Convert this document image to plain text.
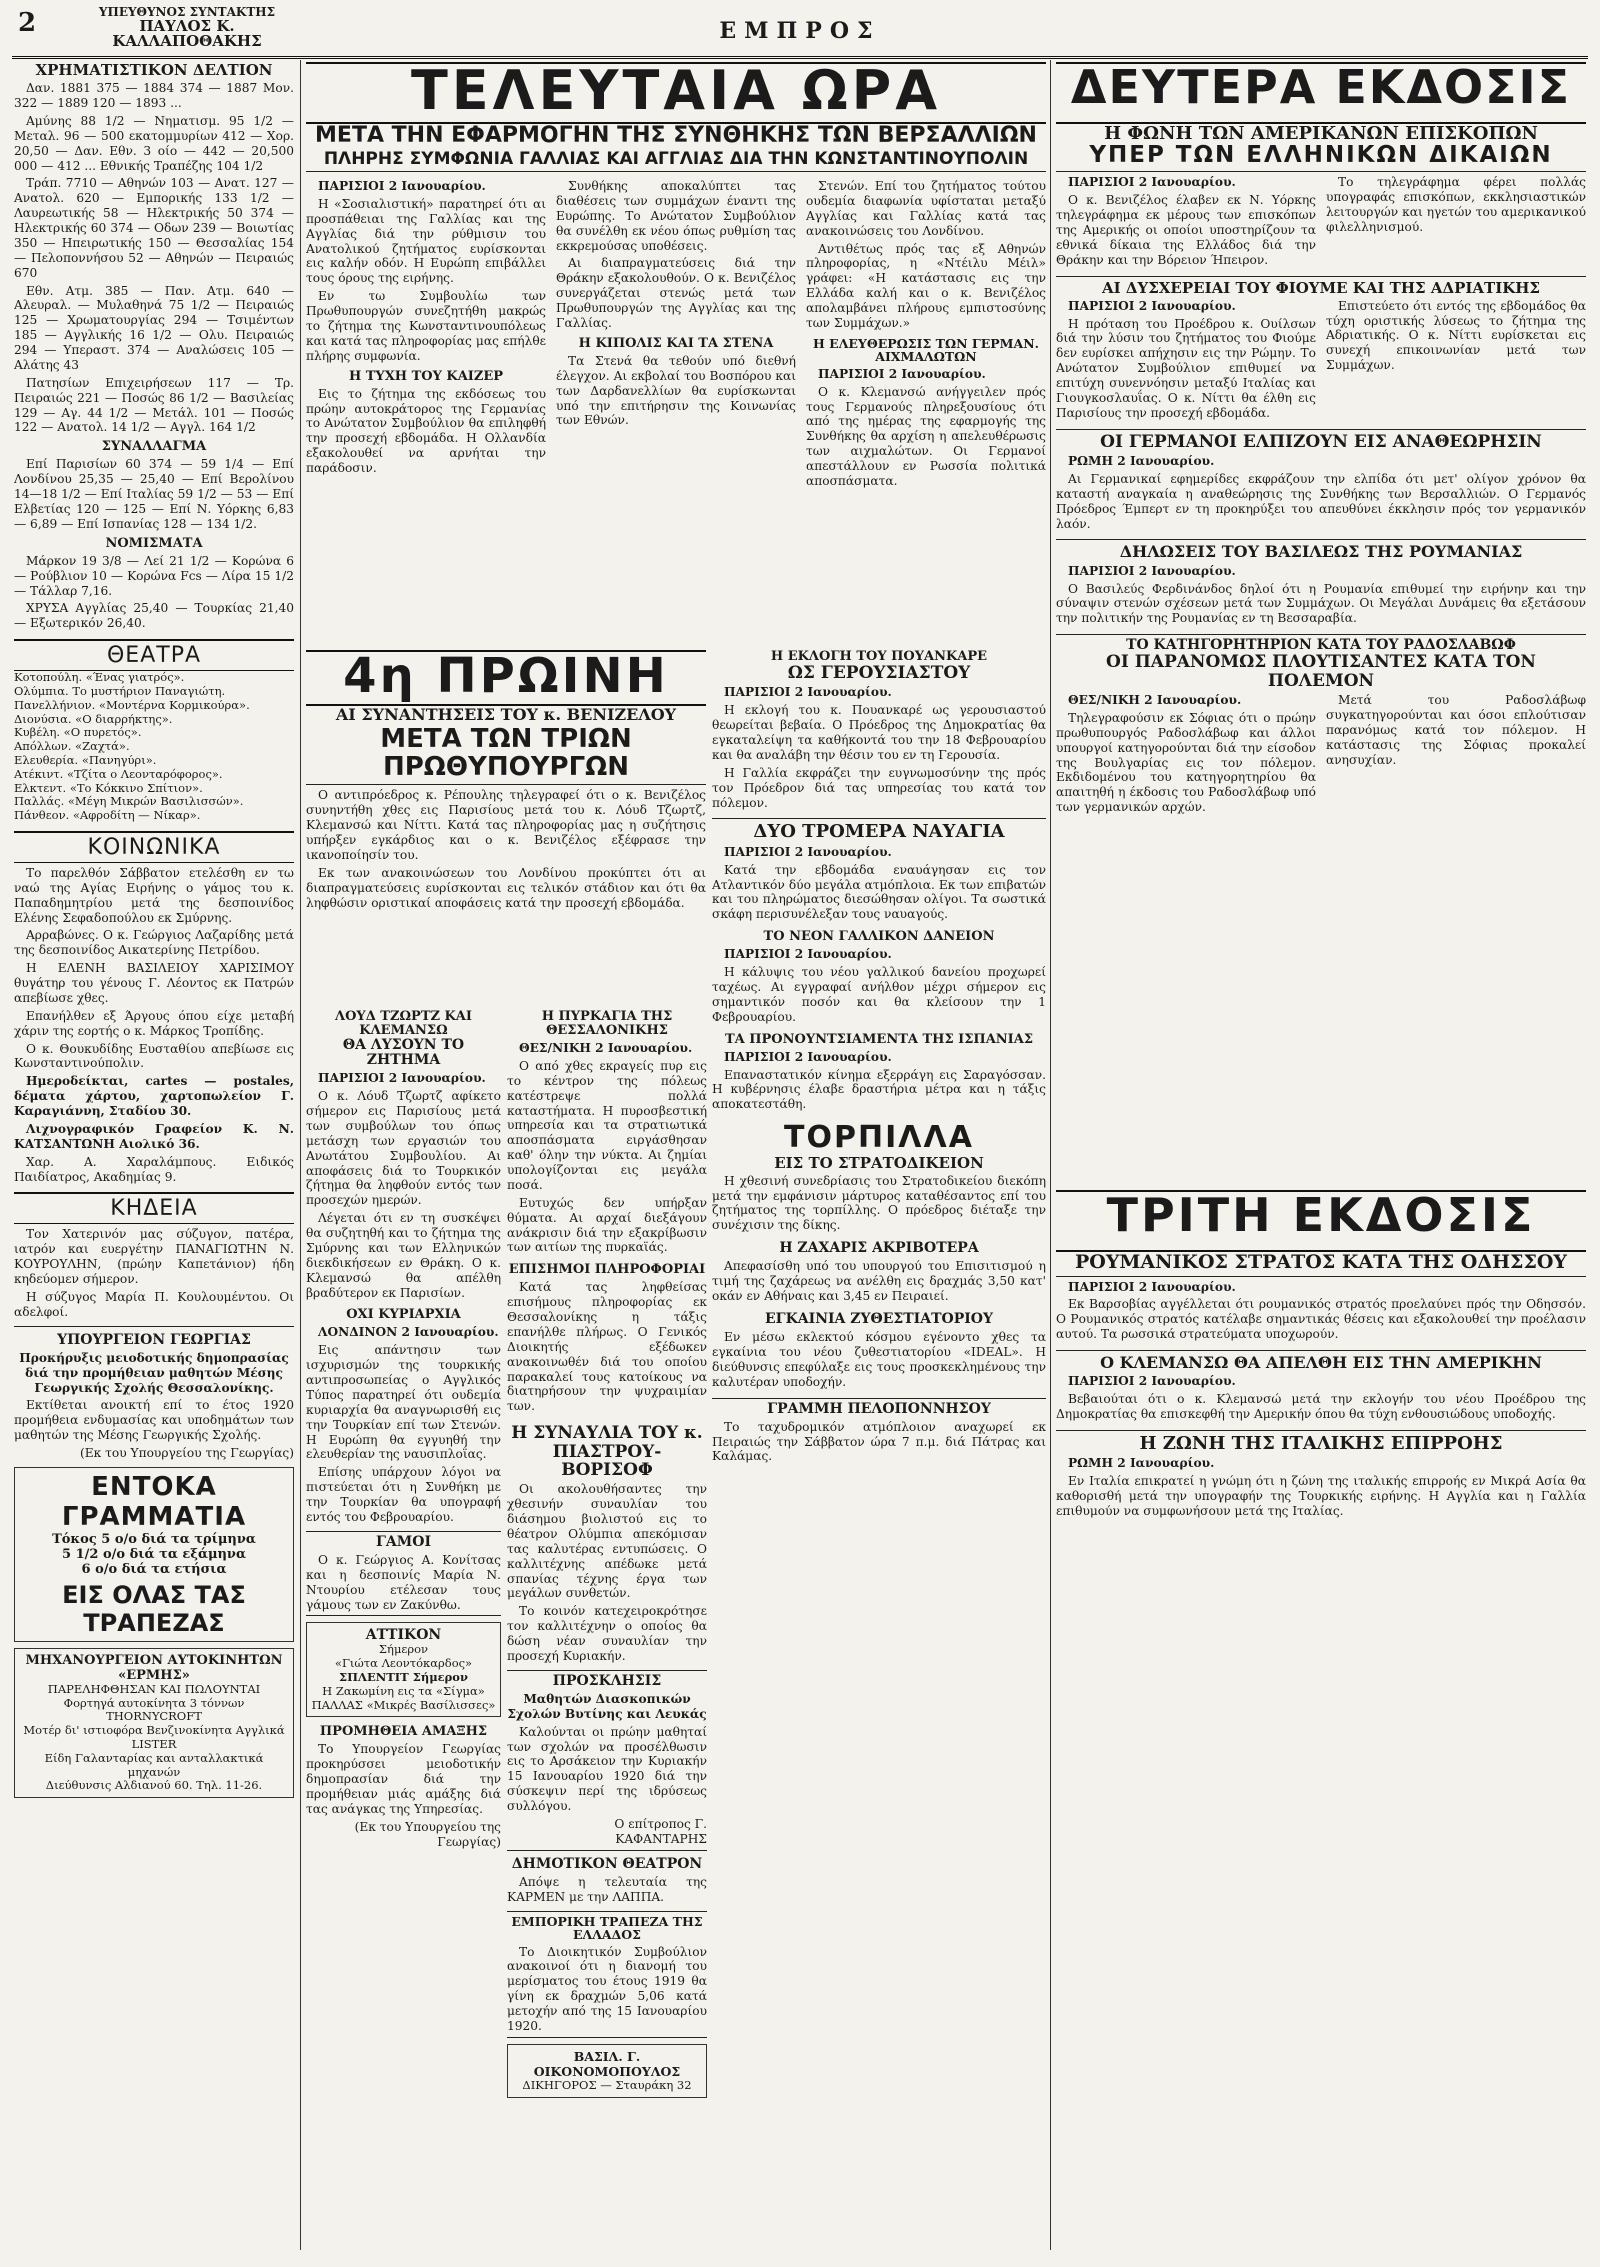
2	ΥΠΕΥΘΥΝΟΣ ΣΥΝΤΑΚΤΗΣ
ΠΑΥΛΟΣ Κ. ΚΑΛΛΑΠΟΘΑΚΗΣ	ΕΜΠΡΟΣ
ΧΡΗΜΑΤΙΣΤΙΚΟΝ ΔΕΛΤΙΟΝ

Δαν. 1881 375 — 1884 374 — 1887 Μον. 322 — 1889 120 — 1893 ...

Αμύνης 88 1/2 — Νηματισμ. 95 1/2 — Μεταλ. 96 — 500 εκατομμυρίων 412 — Χορ. 20,50 — Δαν. Εθν. 3 οίο — 442 — 20,500 000 — 412 ... Εθνικής Τραπέζης 104 1/2

Τράπ. 7710 — Αθηνών 103 — Ανατ. 127 — Ανατολ. 620 — Εμπορικής 133 1/2 — Λαυρεωτικής 58 — Ηλεκτρικής 50 374 — Ηλεκτρικής 60 374 — Οδων 239 — Βοιωτίας 350 — Ηπειρωτικής 150 — Θεσσαλίας 154 — Πελοποννήσου 52 — Αθηνών — Πειραιώς 670

Εθν. Ατμ. 385 — Παν. Ατμ. 640 — Αλευραλ. — Μυλαθηνά 75 1/2 — Πειραιώς 125 — Χρωματουργίας 294 — Τσιμέντων 185 — Αγγλικής 16 1/2 — Ολυ. Πειραιώς 294 — Υπεραστ. 374 — Αναλώσεις 105 — Αλάτης 43

Πατησίων Επιχειρήσεων 117 — Τρ. Πειραιώς 221 — Ποσώς 86 1/2 — Βασιλείας 129 — Αγ. 44 1/2 — Μετάλ. 101 — Ποσώς 122 — Ανατολ. 14 1/2 — Αγγλ. 164 1/2

ΣΥΝΑΛΛΑΓΜΑ

Επί Παρισίων 60 374 — 59 1/4 — Επί Λονδίνου 25,35 — 25,40 — Επί Βερολίνου 14—18 1/2 — Επί Ιταλίας 59 1/2 — 53 — Επί Ελβετίας 120 — 125 — Επί Ν. Υόρκης 6,83 — 6,89 — Επί Ισπανίας 128 — 134 1/2.

ΝΟΜΙΣΜΑΤΑ

Μάρκον 19 3/8 — Λεί 21 1/2 — Κορώνα 6 — Ρούβλιον 10 — Κορώνα Fcs — Λίρα 15 1/2 — Τάλλαρ 7,16.

ΧΡΥΣΑ Αγγλίας 25,40 — Τουρκίας 21,40 — Εξωτερικόν 26,40.

ΘΕΑΤΡΑ
Κοτοπούλη. «Ένας γιατρός».
Ολύμπια. Το μυστήριον Παναγιώτη.
Πανελλήνιον. «Μοντέρνα Κορμικούρα».
Διονύσια. «Ο διαρρήκτης».
Κυβέλη. «Ο πυρετός».
Απόλλων. «Ζαχτά».
Ελευθερία. «Πανηγύρι».
Ατέκιντ. «Τζίτα ο Λεονταρόφορος».
Ελκτεντ. «Το Κόκκινο Σπίτιον».
Παλλάς. «Μέγη Μικρών Βασιλισσών».
Πάνθεον. «Αφροδίτη — Νίκαρ».
ΚΟΙΝΩΝΙΚΑ

Το παρελθόν Σάββατον ετελέσθη εν τω ναώ της Αγίας Ειρήνης ο γάμος του κ. Παπαδημητρίου μετά της δεσποινίδος Ελένης Σεφαδοπούλου εκ Σμύρνης.

Αρραβώνες. Ο κ. Γεώργιος Λαζαρίδης μετά της δεσποινίδος Αικατερίνης Πετρίδου.

Η ΕΛΕΝΗ ΒΑΣΙΛΕΙΟΥ ΧΑΡΙΣΙΜΟΥ θυγάτηρ του γένους Γ. Λέοντος εκ Πατρών απεβίωσε χθες.

Επανήλθεν εξ Άργους όπου είχε μεταβή χάριν της εορτής ο κ. Μάρκος Τροπίδης.

Ο κ. Θουκυδίδης Ευσταθίου απεβίωσε εις Κωνσταντινούπολιν.

Ημεροδείκται, cartes — postales, δέματα χάρτου, χαρτοπωλείον Γ. Καραγιάννη, Σταδίου 30.

Λιχνογραφικόν Γραφείον Κ. Ν. ΚΑΤΣΑΝΤΩΝΗ Αιολικό 36.

Χαρ. Α. Χαραλάμπους. Ειδικός Παιδίατρος, Ακαδημίας 9.

ΚΗΔΕΙΑ

Τον Χατερινόν μας σύζυγον, πατέρα, ιατρόν και ευεργέτην ΠΑΝΑΓΙΩΤΗΝ Ν. ΚΟΥΡΟΥΛΗΝ, (πρώην Καπετάνιον) ήδη κηδεύομεν σήμερον.

Η σύζυγος Μαρία Π. Κουλουμέντου. Οι αδελφοί.

ΥΠΟΥΡΓΕΙΟΝ ΓΕΩΡΓΙΑΣ

Προκήρυξις μειοδοτικής δημοπρασίας διά την προμήθειαν μαθητών Μέσης Γεωργικής Σχολής Θεσσαλονίκης.

Εκτίθεται ανοικτή επί το έτος 1920 προμήθεια ενδυμασίας και υποδημάτων των μαθητών της Μέσης Γεωργικής Σχολής.

(Εκ του Υπουργείου της Γεωργίας)

ΕΝΤΟΚΑ ΓΡΑΜΜΑΤΙΑ
Τόκος 5 ο/ο διά τα τρίμηνα
5 1/2 ο/ο διά τα εξάμηνα
6 ο/ο διά τα ετήσια
ΕΙΣ ΟΛΑΣ ΤΑΣ ΤΡΑΠΕΖΑΣ
ΜΗΧΑΝΟΥΡΓΕΙΟΝ ΑΥΤΟΚΙΝΗΤΩΝ «ΕΡΜΗΣ»
ΠΑΡΕΛΗΦΘΗΣΑΝ ΚΑΙ ΠΩΛΟΥΝΤΑΙ
Φορτηγά αυτοκίνητα 3 τόννων THORNYCROFT
Μοτέρ δι' ιστιοφόρα Βενζινοκίνητα Αγγλικά LISTER
Είδη Γαλανταρίας και ανταλλακτικά μηχανών
Διεύθυνσις Αλδιανού 60. Τηλ. 11-26.
ΤΕΛΕΥΤΑΙΑ ΩΡΑ
ΜΕΤΑ ΤΗΝ ΕΦΑΡΜΟΓΗΝ ΤΗΣ ΣΥΝΘΗΚΗΣ ΤΩΝ ΒΕΡΣΑΛΛΙΩΝ
ΠΛΗΡΗΣ ΣΥΜΦΩΝΙΑ ΓΑΛΛΙΑΣ ΚΑΙ ΑΓΓΛΙΑΣ ΔΙΑ ΤΗΝ ΚΩΝΣΤΑΝΤΙΝΟΥΠΟΛΙΝ

ΠΑΡΙΣΙΟΙ 2 Ιανουαρίου.

Η «Σοσιαλιστική» παρατηρεί ότι αι προσπάθειαι της Γαλλίας και της Αγγλίας διά την ρύθμισιν του Ανατολικού ζητήματος ευρίσκονται εις καλήν οδόν. Η Ευρώπη επιβάλλει τους όρους της ειρήνης.

Εν τω Συμβουλίω των Πρωθυπουργών συνεζητήθη μακρώς το ζήτημα της Κωνσταντινουπόλεως και κατά τας πληροφορίας μας επήλθε πλήρης συμφωνία.

Η ΤΥΧΗ ΤΟΥ ΚΑΙΖΕΡ

Εις το ζήτημα της εκδόσεως του πρώην αυτοκράτορος της Γερμανίας το Ανώτατον Συμβούλιον θα επιληφθή την προσεχή εβδομάδα. Η Ολλανδία εξακολουθεί να αρνήται την παράδοσιν.

Συνθήκης αποκαλύπτει τας διαθέσεις των συμμάχων έναντι της Ευρώπης. Το Ανώτατον Συμβούλιον θα συνέλθη εκ νέου όπως ρυθμίση τας εκκρεμούσας υποθέσεις.

Αι διαπραγματεύσεις διά την Θράκην εξακολουθούν. Ο κ. Βενιζέλος συνεργάζεται στενώς μετά των Πρωθυπουργών της Αγγλίας και της Γαλλίας.

Η ΚΙΠΟΛΙΣ ΚΑΙ ΤΑ ΣΤΕΝΑ

Τα Στενά θα τεθούν υπό διεθνή έλεγχον. Αι εκβολαί του Βοσπόρου και των Δαρδανελλίων θα ευρίσκωνται υπό την επιτήρησιν της Κοινωνίας των Εθνών.

Στενών. Επί του ζητήματος τούτου ουδεμία διαφωνία υφίσταται μεταξύ Αγγλίας και Γαλλίας κατά τας ανακοινώσεις του Λονδίνου.

Αντιθέτως πρός τας εξ Αθηνών πληροφορίας, η «Ντέιλυ Μέιλ» γράφει: «Η κατάστασις εις την Ελλάδα καλή και ο κ. Βενιζέλος απολαμβάνει πλήρους εμπιστοσύνης των Συμμάχων.»

Η ΕΛΕΥΘΕΡΩΣΙΣ ΤΩΝ ΓΕΡΜΑΝ. ΑΙΧΜΑΛΩΤΩΝ

ΠΑΡΙΣΙΟΙ 2 Ιανουαρίου.

Ο κ. Κλεμανσώ ανήγγειλεν πρός τους Γερμανούς πληρεξουσίους ότι από της ημέρας της εφαρμογής της Συνθήκης θα αρχίση η απελευθέρωσις των αιχμαλώτων. Οι Γερμανοί απεστάλλουν εν Ρωσσία πολιτικά αποσπάσματα.

4η ΠΡΩΙΝΗ
ΑΙ ΣΥΝΑΝΤΗΣΕΙΣ ΤΟΥ κ. ΒΕΝΙΖΕΛΟΥ
ΜΕΤΑ ΤΩΝ ΤΡΙΩΝ ΠΡΩΘΥΠΟΥΡΓΩΝ

Ο αντιπρόεδρος κ. Ρέπουλης τηλεγραφεί ότι ο κ. Βενιζέλος συνηντήθη χθες εις Παρισίους μετά του κ. Λόυδ Τζωρτζ, Κλεμανσώ και Νίττι. Κατά τας πληροφορίας μας η συζήτησις υπήρξεν εγκάρδιος και ο κ. Βενιζέλος εξέφρασε την ικανοποίησίν του.

Εκ των ανακοινώσεων του Λονδίνου προκύπτει ότι αι διαπραγματεύσεις ευρίσκονται εις τελικόν στάδιον και ότι θα ληφθώσιν οριστικαί αποφάσεις κατά την προσεχή εβδομάδα.

ΛΟΥΔ ΤΖΩΡΤΖ ΚΑΙ ΚΛΕΜΑΝΣΩ
ΘΑ ΛΥΣΟΥΝ ΤΟ ΖΗΤΗΜΑ

ΠΑΡΙΣΙΟΙ 2 Ιανουαρίου.

Ο κ. Λόυδ Τζωρτζ αφίκετο σήμερον εις Παρισίους μετά των συμβούλων του όπως μετάσχη των εργασιών του Ανωτάτου Συμβουλίου. Αι αποφάσεις διά το Τουρκικόν ζήτημα θα ληφθούν εντός των προσεχών ημερών.

Λέγεται ότι εν τη συσκέψει θα συζητηθή και το ζήτημα της Σμύρνης και των Ελληνικών διεκδικήσεων εν Θράκη. Ο κ. Κλεμανσώ θα απέλθη βραδύτερον εκ Παρισίων.

ΟΧΙ ΚΥΡΙΑΡΧΙΑ

ΛΟΝΔΙΝΟΝ 2 Ιανουαρίου.

Εις απάντησιν των ισχυρισμών της τουρκικής αντιπροσωπείας ο Αγγλικός Τύπος παρατηρεί ότι ουδεμία κυριαρχία θα αναγνωρισθή εις την Τουρκίαν επί των Στενών. Η Ευρώπη θα εγγυηθή την ελευθερίαν της ναυσιπλοΐας.

Επίσης υπάρχουν λόγοι να πιστεύεται ότι η Συνθήκη με την Τουρκίαν θα υπογραφή εντός του Φεβρουαρίου.

ΓΑΜΟΙ

Ο κ. Γεώργιος Α. Κονίτσας και η δεσποινίς Μαρία Ν. Ντουρίου ετέλεσαν τους γάμους των εν Ζακύνθω.

ΑΤΤΙΚΟΝ
Σήμερον
«Γιώτα Λεοντόκαρδος»
ΣΠΛΕΝΤΙΤ Σήμερον
Η Ζακωμίνη εις τα «Σίγμα»
ΠΑΛΛΑΣ «Μικρές Βασίλισσες»
ΠΡΟΜΗΘΕΙΑ ΑΜΑΞΗΣ

Το Υπουργείον Γεωργίας προκηρύσσει μειοδοτικήν δημοπρασίαν διά την προμήθειαν μιάς αμάξης διά τας ανάγκας της Υπηρεσίας.

(Εκ του Υπουργείου της Γεωργίας)

Η ΠΥΡΚΑΓΙΑ ΤΗΣ ΘΕΣΣΑΛΟΝΙΚΗΣ

ΘΕΣ/ΝΙΚΗ 2 Ιανουαρίου.

Ο από χθες εκραγείς πυρ εις το κέντρον της πόλεως κατέστρεψε πολλά καταστήματα. Η πυροσβεστική υπηρεσία και τα στρατιωτικά αποσπάσματα ειργάσθησαν καθ' όλην την νύκτα. Αι ζημίαι υπολογίζονται εις μεγάλα ποσά.

Ευτυχώς δεν υπήρξαν θύματα. Αι αρχαί διεξάγουν ανάκρισιν διά την εξακρίβωσιν των αιτίων της πυρκαϊάς.

ΕΠΙΣΗΜΟΙ ΠΛΗΡΟΦΟΡΙΑΙ

Κατά τας ληφθείσας επισήμους πληροφορίας εκ Θεσσαλονίκης η τάξις επανήλθε πλήρως. Ο Γενικός Διοικητής εξέδωκεν ανακοινωθέν διά του οποίου παρακαλεί τους κατοίκους να διατηρήσουν την ψυχραιμίαν των.

Η ΣΥΝΑΥΛΙΑ ΤΟΥ κ. ΠΙΑΣΤΡΟΥ-ΒΟΡΙΣΟΦ

Οι ακολουθήσαντες την χθεσινήν συναυλίαν του διάσημου βιολιστού εις το θέατρον Ολύμπια απεκόμισαν τας καλυτέρας εντυπώσεις. Ο καλλιτέχνης απέδωκε μετά σπανίας τέχνης έργα των μεγάλων συνθετών.

Το κοινόν κατεχειροκρότησε τον καλλιτέχνην ο οποίος θα δώση νέαν συναυλίαν την προσεχή Κυριακήν.

ΠΡΟΣΚΛΗΣΙΣ

Μαθητών Διασκοπικών Σχολών Βυτίνης και Λευκάς

Καλούνται οι πρώην μαθηταί των σχολών να προσέλθωσιν εις το Αρσάκειον την Κυριακήν 15 Ιανουαρίου 1920 διά την σύσκεψιν περί της ιδρύσεως συλλόγου.

Ο επίτροπος Γ. ΚΑΦΑΝΤΑΡΗΣ

ΔΗΜΟΤΙΚΟΝ ΘΕΑΤΡΟΝ

Απόψε η τελευταία της ΚΑΡΜΕΝ με την ΛΑΠΠΑ.

ΕΜΠΟΡΙΚΗ ΤΡΑΠΕΖΑ ΤΗΣ ΕΛΛΑΔΟΣ

Το Διοικητικόν Συμβούλιον ανακοινοί ότι η διανομή του μερίσματος του έτους 1919 θα γίνη εκ δραχμών 5,06 κατά μετοχήν από της 15 Ιανουαρίου 1920.

ΒΑΣΙΛ. Γ. ΟΙΚΟΝΟΜΟΠΟΥΛΟΣ
ΔΙΚΗΓΟΡΟΣ — Σταυράκη 32
Η ΕΚΛΟΓΗ ΤΟΥ ΠΟΥΑΝΚΑΡΕ
ΩΣ ΓΕΡΟΥΣΙΑΣΤΟΥ

ΠΑΡΙΣΙΟΙ 2 Ιανουαρίου.

Η εκλογή του κ. Πουανκαρέ ως γερουσιαστού θεωρείται βεβαία. Ο Πρόεδρος της Δημοκρατίας θα εγκαταλείψη τα καθήκοντά του την 18 Φεβρουαρίου και θα αναλάβη την θέσιν του εν τη Γερουσία.

Η Γαλλία εκφράζει την ευγνωμοσύνην της πρός τον Πρόεδρον διά τας υπηρεσίας του κατά τον πόλεμον.

ΔΥΟ ΤΡΟΜΕΡΑ ΝΑΥΑΓΙΑ

ΠΑΡΙΣΙΟΙ 2 Ιανουαρίου.

Κατά την εβδομάδα εναυάγησαν εις τον Ατλαντικόν δύο μεγάλα ατμόπλοια. Εκ των επιβατών και του πληρώματος διεσώθησαν ολίγοι. Τα σωστικά σκάφη περισυνέλεξαν τους ναυαγούς.

ΤΟ ΝΕΟΝ ΓΑΛΛΙΚΟΝ ΔΑΝΕΙΟΝ

ΠΑΡΙΣΙΟΙ 2 Ιανουαρίου.

Η κάλυψις του νέου γαλλικού δανείου προχωρεί ταχέως. Αι εγγραφαί ανήλθον μέχρι σήμερον εις σημαντικόν ποσόν και θα κλείσουν την 1 Φεβρουαρίου.

ΤΑ ΠΡΟΝΟΥΝΤΣΙΑΜΕΝΤΑ ΤΗΣ ΙΣΠΑΝΙΑΣ

ΠΑΡΙΣΙΟΙ 2 Ιανουαρίου.

Επαναστατικόν κίνημα εξερράγη εις Σαραγόσσαν. Η κυβέρνησις έλαβε δραστήρια μέτρα και η τάξις αποκατεστάθη.

ΤΟΡΠΙΛΛΑ
ΕΙΣ ΤΟ ΣΤΡΑΤΟΔΙΚΕΙΟΝ

Η χθεσινή συνεδρίασις του Στρατοδικείου διεκόπη μετά την εμφάνισιν μάρτυρος καταθέσαντος επί του ζητήματος της τορπίλλης. Ο πρόεδρος διέταξε την συνέχισιν της δίκης.

Η ΖΑΧΑΡΙΣ ΑΚΡΙΒΟΤΕΡΑ

Απεφασίσθη υπό του υπουργού του Επισιτισμού η τιμή της ζαχάρεως να ανέλθη εις δραχμάς 3,50 κατ' οκάν εν Αθήναις και 3,45 εν Πειραιεί.

ΕΓΚΑΙΝΙΑ ΖΥΘΕΣΤΙΑΤΟΡΙΟΥ

Εν μέσω εκλεκτού κόσμου εγένοντο χθες τα εγκαίνια του νέου ζυθεστιατορίου «IDEAL». Η διεύθυνσις επεφύλαξε εις τους προσκεκλημένους την καλυτέραν υποδοχήν.

ΓΡΑΜΜΗ ΠΕΛΟΠΟΝΝΗΣΟΥ

Το ταχυδρομικόν ατμόπλοιον αναχωρεί εκ Πειραιώς την Σάββατον ώρα 7 π.μ. διά Πάτρας και Καλάμας.

ΔΕΥΤΕΡΑ ΕΚΔΟΣΙΣ
Η ΦΩΝΗ ΤΩΝ ΑΜΕΡΙΚΑΝΩΝ ΕΠΙΣΚΟΠΩΝ
ΥΠΕΡ ΤΩΝ ΕΛΛΗΝΙΚΩΝ ΔΙΚΑΙΩΝ

ΠΑΡΙΣΙΟΙ 2 Ιανουαρίου.

Ο κ. Βενιζέλος έλαβεν εκ Ν. Υόρκης τηλεγράφημα εκ μέρους των επισκόπων της Αμερικής οι οποίοι υποστηρίζουν τα εθνικά δίκαια της Ελλάδος διά την Θράκην και την Βόρειον Ήπειρον.

Το τηλεγράφημα φέρει πολλάς υπογραφάς επισκόπων, εκκλησιαστικών λειτουργών και ηγετών του αμερικανικού φιλελληνισμού.

ΑΙ ΔΥΣΧΕΡΕΙΑΙ ΤΟΥ ΦΙΟΥΜΕ ΚΑΙ ΤΗΣ ΑΔΡΙΑΤΙΚΗΣ

ΠΑΡΙΣΙΟΙ 2 Ιανουαρίου.

Η πρόταση του Προέδρου κ. Ουίλσων διά την λύσιν του ζητήματος του Φιούμε δεν ευρίσκει απήχησιν εις την Ρώμην. Το Ανώτατον Συμβούλιον επιθυμεί να επιτύχη συνεννόησιν μεταξύ Ιταλίας και Γιουγκοσλαυΐας. Ο κ. Νίττι θα έλθη εις Παρισίους την προσεχή εβδομάδα.

Επιστεύετο ότι εντός της εβδομάδος θα τύχη οριστικής λύσεως το ζήτημα της Αδριατικής. Ο κ. Νίττι ευρίσκεται εις συνεχή επικοινωνίαν μετά των Συμμάχων.

ΟΙ ΓΕΡΜΑΝΟΙ ΕΛΠΙΖΟΥΝ ΕΙΣ ΑΝΑΘΕΩΡΗΣΙΝ

ΡΩΜΗ 2 Ιανουαρίου.

Αι Γερμανικαί εφημερίδες εκφράζουν την ελπίδα ότι μετ' ολίγον χρόνον θα καταστή αναγκαία η αναθεώρησις της Συνθήκης των Βερσαλλιών. Ο Γερμανός Πρόεδρος Έμπερτ εν τη προκηρύξει του απευθύνει έκκλησιν πρός τον γερμανικόν λαόν.

ΔΗΛΩΣΕΙΣ ΤΟΥ ΒΑΣΙΛΕΩΣ ΤΗΣ ΡΟΥΜΑΝΙΑΣ

ΠΑΡΙΣΙΟΙ 2 Ιανουαρίου.

Ο Βασιλεύς Φερδινάνδος δηλοί ότι η Ρουμανία επιθυμεί την ειρήνην και την σύναψιν στενών σχέσεων μετά των Συμμάχων. Οι Μεγάλαι Δυνάμεις θα εξετάσουν την πολιτικήν της Ρουμανίας εν τη Βεσσαραβία.

ΤΟ ΚΑΤΗΓΟΡΗΤΗΡΙΟΝ ΚΑΤΑ ΤΟΥ ΡΑΔΟΣΛΑΒΩΦ
ΟΙ ΠΑΡΑΝΟΜΩΣ ΠΛΟΥΤΙΣΑΝΤΕΣ ΚΑΤΑ ΤΟΝ ΠΟΛΕΜΟΝ

ΘΕΣ/ΝΙΚΗ 2 Ιανουαρίου.

Τηλεγραφούσιν εκ Σόφιας ότι ο πρώην πρωθυπουργός Ραδοσλάβωφ και άλλοι υπουργοί κατηγορούνται διά την είσοδον της Βουλγαρίας εις τον πόλεμον. Εκδιδομένου του κατηγορητηρίου θα απαιτηθή η έκδοσις του Ραδοσλάβωφ υπό των γερμανικών αρχών.

Μετά του Ραδοσλάβωφ συγκατηγορούνται και όσοι επλούτισαν παρανόμως κατά τον πόλεμον. Η κατάστασις της Σόφιας προκαλεί ανησυχίαν.

ΤΡΙΤΗ ΕΚΔΟΣΙΣ
ΡΟΥΜΑΝΙΚΟΣ ΣΤΡΑΤΟΣ ΚΑΤΑ ΤΗΣ ΟΔΗΣΣΟΥ

ΠΑΡΙΣΙΟΙ 2 Ιανουαρίου.

Εκ Βαρσοβίας αγγέλλεται ότι ρουμανικός στρατός προελαύνει πρός την Οδησσόν. Ο Ρουμανικός στρατός κατέλαβε σημαντικάς θέσεις και εξακολουθεί την προέλασιν αυτού. Τα ρωσσικά στρατεύματα υποχωρούν.

Ο ΚΛΕΜΑΝΣΩ ΘΑ ΑΠΕΛΘΗ ΕΙΣ ΤΗΝ ΑΜΕΡΙΚΗΝ

ΠΑΡΙΣΙΟΙ 2 Ιανουαρίου.

Βεβαιούται ότι ο κ. Κλεμανσώ μετά την εκλογήν του νέου Προέδρου της Δημοκρατίας θα επισκεφθή την Αμερικήν όπου θα τύχη ενθουσιώδους υποδοχής.

Η ΖΩΝΗ ΤΗΣ ΙΤΑΛΙΚΗΣ ΕΠΙΡΡΟΗΣ

ΡΩΜΗ 2 Ιανουαρίου.

Εν Ιταλία επικρατεί η γνώμη ότι η ζώνη της ιταλικής επιρροής εν Μικρά Ασία θα καθορισθή μετά την υπογραφήν της Τουρκικής ειρήνης. Η Αγγλία και η Γαλλία επιθυμούν να συμφωνήσουν μετά της Ιταλίας.
